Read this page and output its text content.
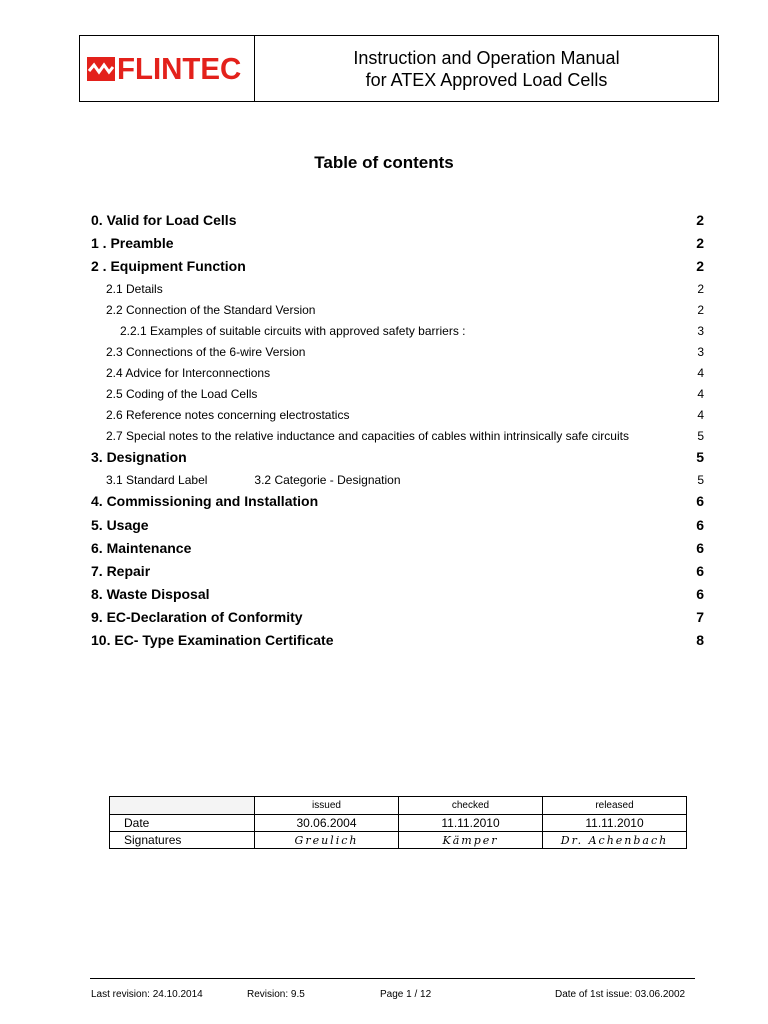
FLINTEC	Instruction and Operation Manual
for ATEX Approved Load Cells
Table of contents
0. Valid for Load Cells	2
1 . Preamble	2
2 . Equipment Function	2
2.1 Details	2
2.2 Connection of the Standard Version	2
2.2.1 Examples of suitable circuits with approved safety barriers :	3
2.3 Connections of the 6-wire Version	3
2.4 Advice for Interconnections	4
2.5 Coding of the Load Cells	4
2.6 Reference notes concerning electrostatics	4
2.7 Special notes to the relative inductance and capacities of cables within intrinsically safe circuits	5
3. Designation	5
3.1 Standard Label	3.2 Categorie - Designation	5
4. Commissioning and Installation	6
5. Usage	6
6. Maintenance	6
7. Repair	6
8. Waste Disposal	6
9. EC-Declaration of Conformity	7
10. EC- Type Examination Certificate	8
	issued	checked	released
Date	30.06.2004	11.11.2010	11.11.2010
Signatures	Greulich	Kämper	Dr. Achenbach
Last revision: 24.10.2014	Revision: 9.5	Page 1 / 12	Date of 1st issue: 03.06.2002
